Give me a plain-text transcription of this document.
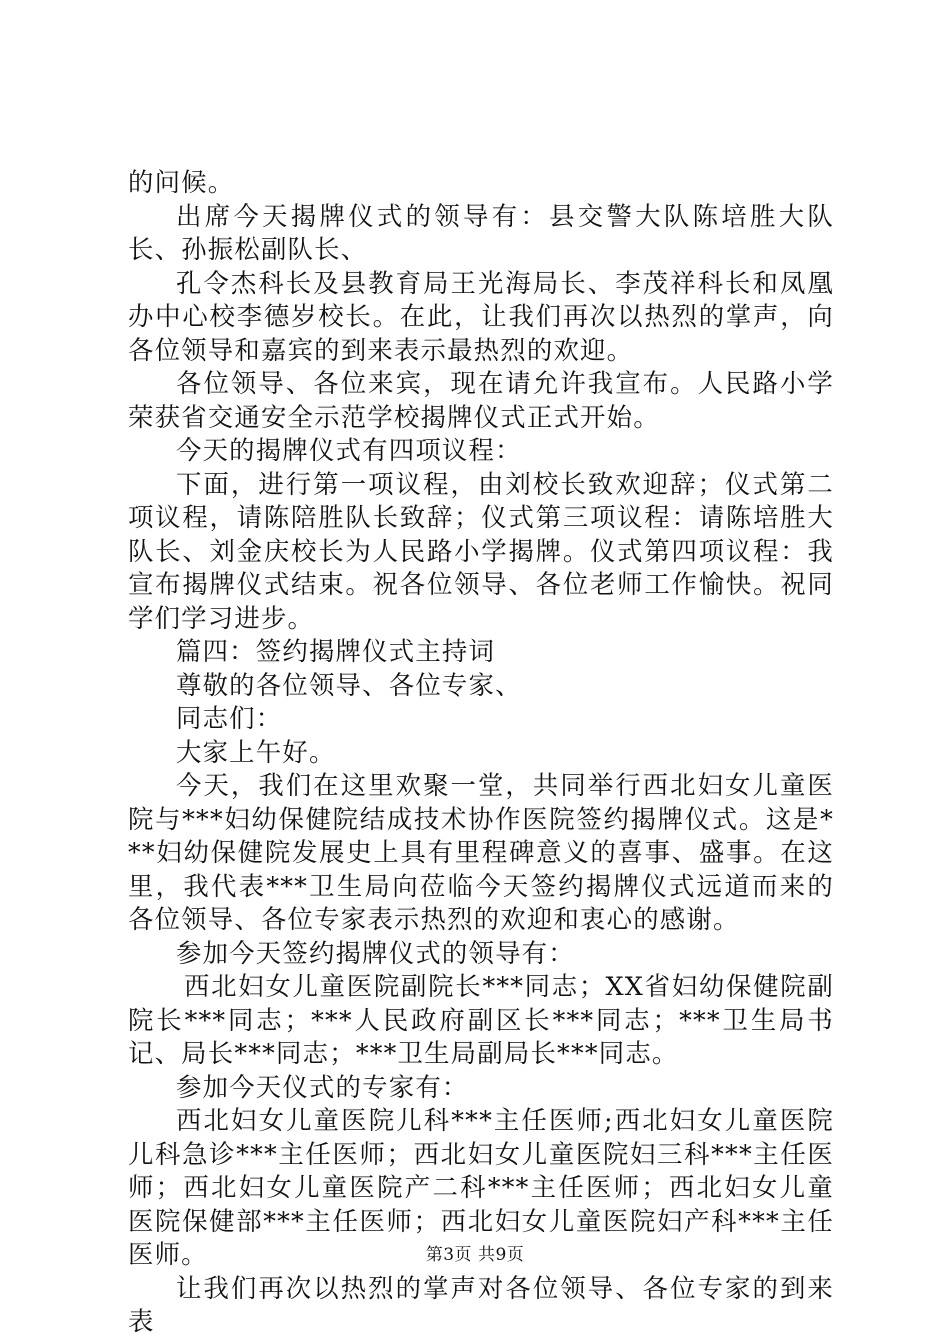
的问候。

出席今天揭牌仪式的领导有：县交警大队陈培胜大队长、孙振松副队长、

孔令杰科长及县教育局王光海局长、李茂祥科长和凤凰办中心校李德岁校长。在此，让我们再次以热烈的掌声，向各位领导和嘉宾的到来表示最热烈的欢迎。

各位领导、各位来宾，现在请允许我宣布。人民路小学荣获省交通安全示范学校揭牌仪式正式开始。

今天的揭牌仪式有四项议程：

下面，进行第一项议程，由刘校长致欢迎辞；仪式第二项议程，请陈陪胜队长致辞；仪式第三项议程：请陈培胜大队长、刘金庆校长为人民路小学揭牌。仪式第四项议程：我宣布揭牌仪式结束。祝各位领导、各位老师工作愉快。祝同学们学习进步。

篇四：签约揭牌仪式主持词

尊敬的各位领导、各位专家、

同志们：

大家上午好。

今天，我们在这里欢聚一堂，共同举行西北妇女儿童医院与***妇幼保健院结成技术协作医院签约揭牌仪式。这是***妇幼保健院发展史上具有里程碑意义的喜事、盛事。在这里，我代表***卫生局向莅临今天签约揭牌仪式远道而来的各位领导、各位专家表示热烈的欢迎和衷心的感谢。

参加今天签约揭牌仪式的领导有：

西北妇女儿童医院副院长***同志；XX省妇幼保健院副院长***同志；***人民政府副区长***同志；***卫生局书记、局长***同志；***卫生局副局长***同志。

参加今天仪式的专家有：

西北妇女儿童医院儿科***主任医师;西北妇女儿童医院儿科急诊***主任医师；西北妇女儿童医院妇三科***主任医师；西北妇女儿童医院产二科***主任医师；西北妇女儿童医院保健部***主任医师；西北妇女儿童医院妇产科***主任医师。

让我们再次以热烈的掌声对各位领导、各位专家的到来表

第3页 共9页
